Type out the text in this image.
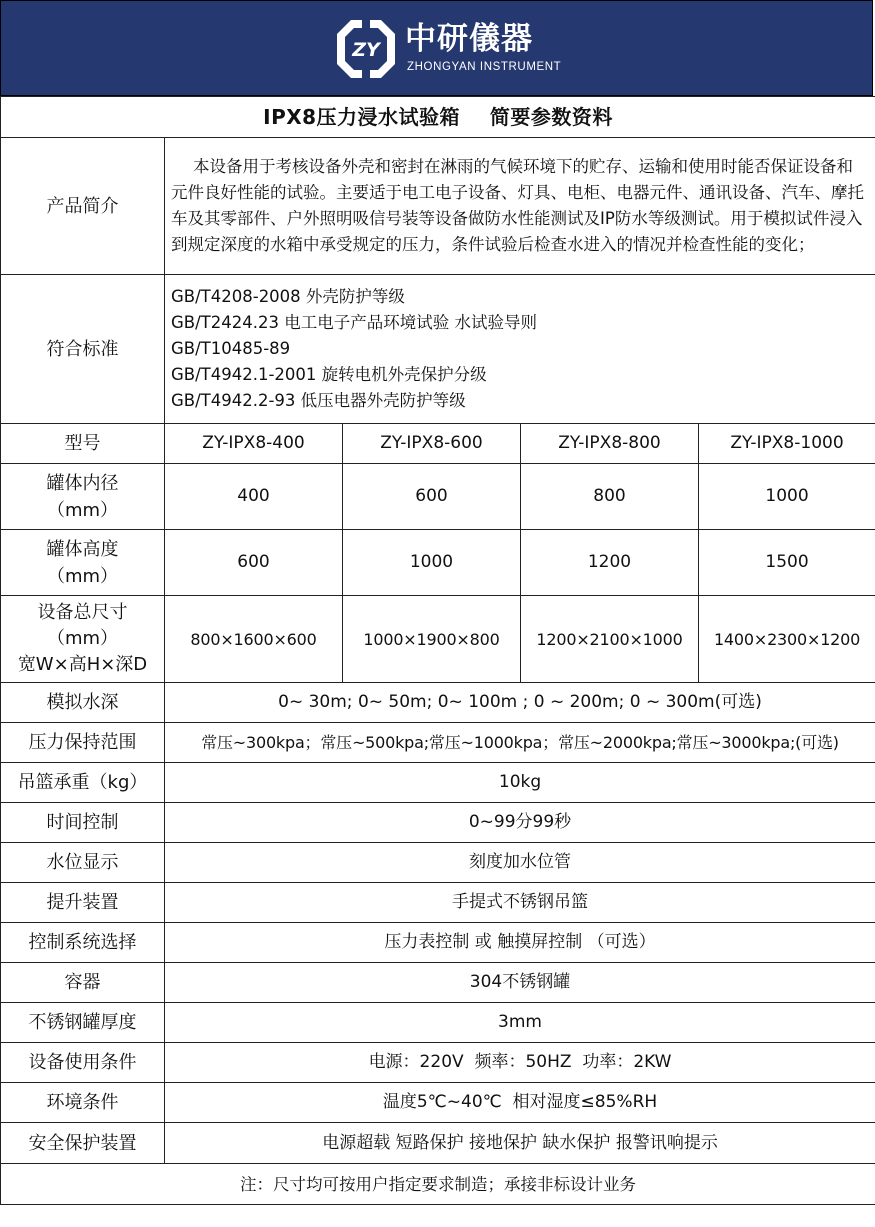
ZY 中研儀器
ZHONGYAN INSTRUMENT
IPX8压力浸水试验箱    简要参数资料				
产品简介	本设备用于考核设备外壳和密封在淋雨的气候环境下的贮存、运输和使用时能否保证设备和元件良好性能的试验。主要适于电工电子设备、灯具、电柜、电器元件、通讯设备、汽车、摩托车及其零部件、户外照明吸信号装等设备做防水性能测试及IP防水等级测试。用于模拟试件浸入到规定深度的水箱中承受规定的压力，条件试验后检查水进入的情况并检查性能的变化；			
符合标准	GB/T4208-2008 外壳防护等级
GB/T2424.23 电工电子产品环境试验 水试验导则
GB/T10485-89
GB/T4942.1-2001 旋转电机外壳保护分级
GB/T4942.2-93 低压电器外壳防护等级			

型号	ZY-IPX8-400	ZY-IPX8-600	ZY-IPX8-800	ZY-IPX8-1000

罐体内径
（mm）	400	600	800	1000

罐体高度
（mm）	600	1000	1200	1500

设备总尺寸
（mm）
宽W×高H×深D	800×1600×600	1000×1900×800	1200×2100×1000	1400×2300×1200
模拟水深	0~ 30m; 0~ 50m; 0~ 100m ; 0 ~ 200m; 0 ~ 300m(可选)			
压力保持范围	常压~300kpa；常压~500kpa;常压~1000kpa；常压~2000kpa;常压~3000kpa;(可选)			
吊篮承重（kg）	10kg			
时间控制	0~99分99秒			
水位显示	刻度加水位管			
提升装置	手提式不锈钢吊篮			
控制系统选择	压力表控制 或 触摸屏控制 （可选）			
容器	304不锈钢罐			
不锈钢罐厚度	3mm			
设备使用条件	电源：220V  频率：50HZ  功率：2KW			
环境条件	温度5℃~40℃  相对湿度≤85%RH			
安全保护装置	电源超载 短路保护 接地保护 缺水保护 报警讯响提示			
注：尺寸均可按用户指定要求制造；承接非标设计业务				
